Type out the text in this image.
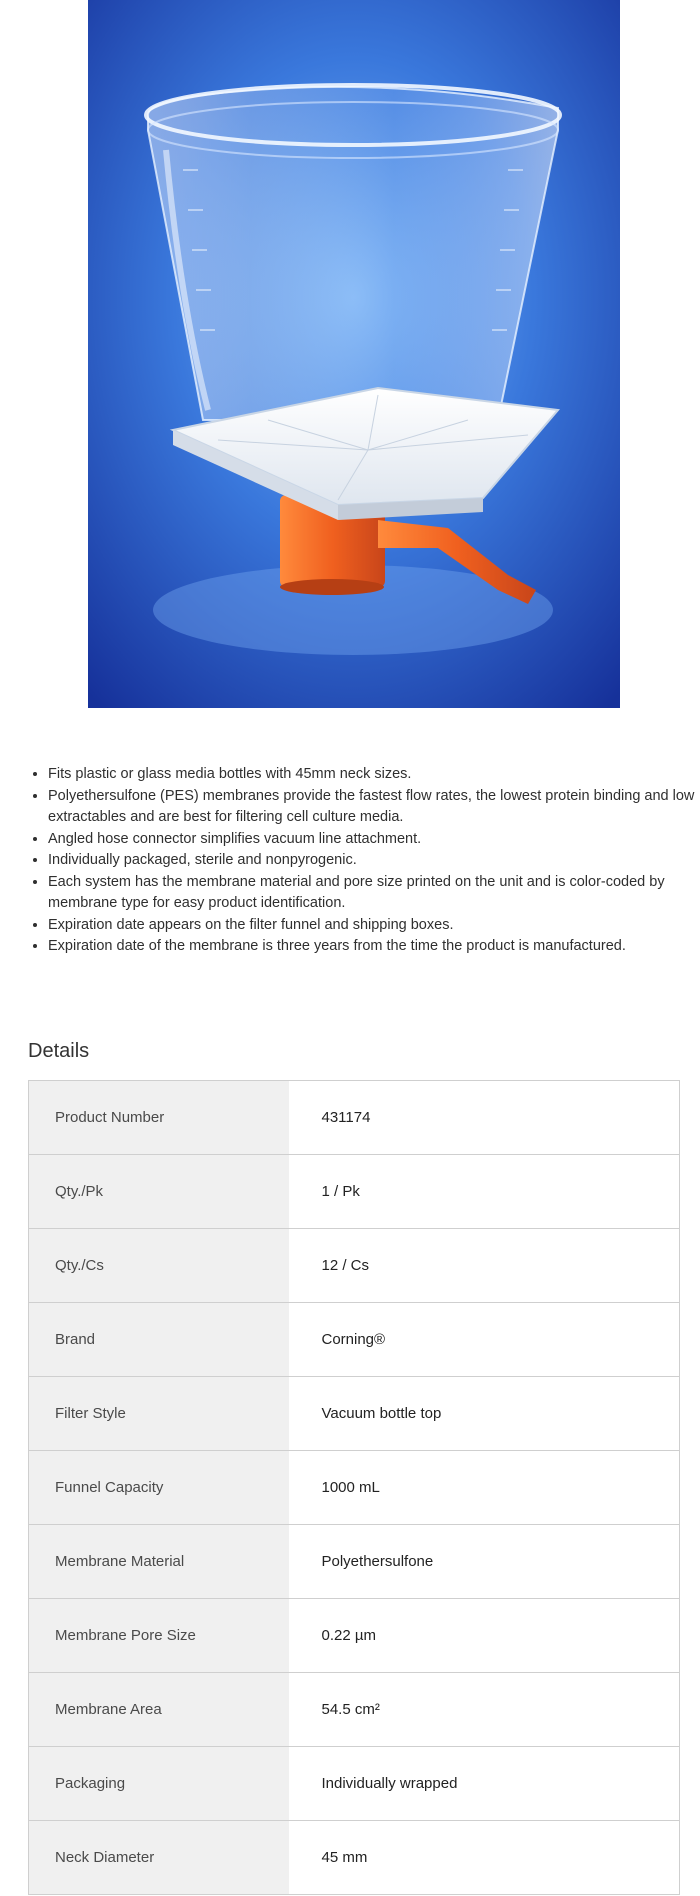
• Fits plastic or glass media bottles with 45mm neck sizes.
• Polyethersulfone (PES) membranes provide the fastest flow rates, the lowest protein binding and low extractables and are best for filtering cell culture media.
• Angled hose connector simplifies vacuum line attachment.
• Individually packaged, sterile and nonpyrogenic.
• Each system has the membrane material and pore size printed on the unit and is color-coded by membrane type for easy product identification.
• Expiration date appears on the filter funnel and shipping boxes.
• Expiration date of the membrane is three years from the time the product is manufactured.
Details
Product Number	431174
Qty./Pk	1 / Pk
Qty./Cs	12 / Cs
Brand	Corning®
Filter Style	Vacuum bottle top
Funnel Capacity	1000 mL
Membrane Material	Polyethersulfone
Membrane Pore Size	0.22 µm
Membrane Area	54.5 cm²
Packaging	Individually wrapped
Neck Diameter	45 mm
